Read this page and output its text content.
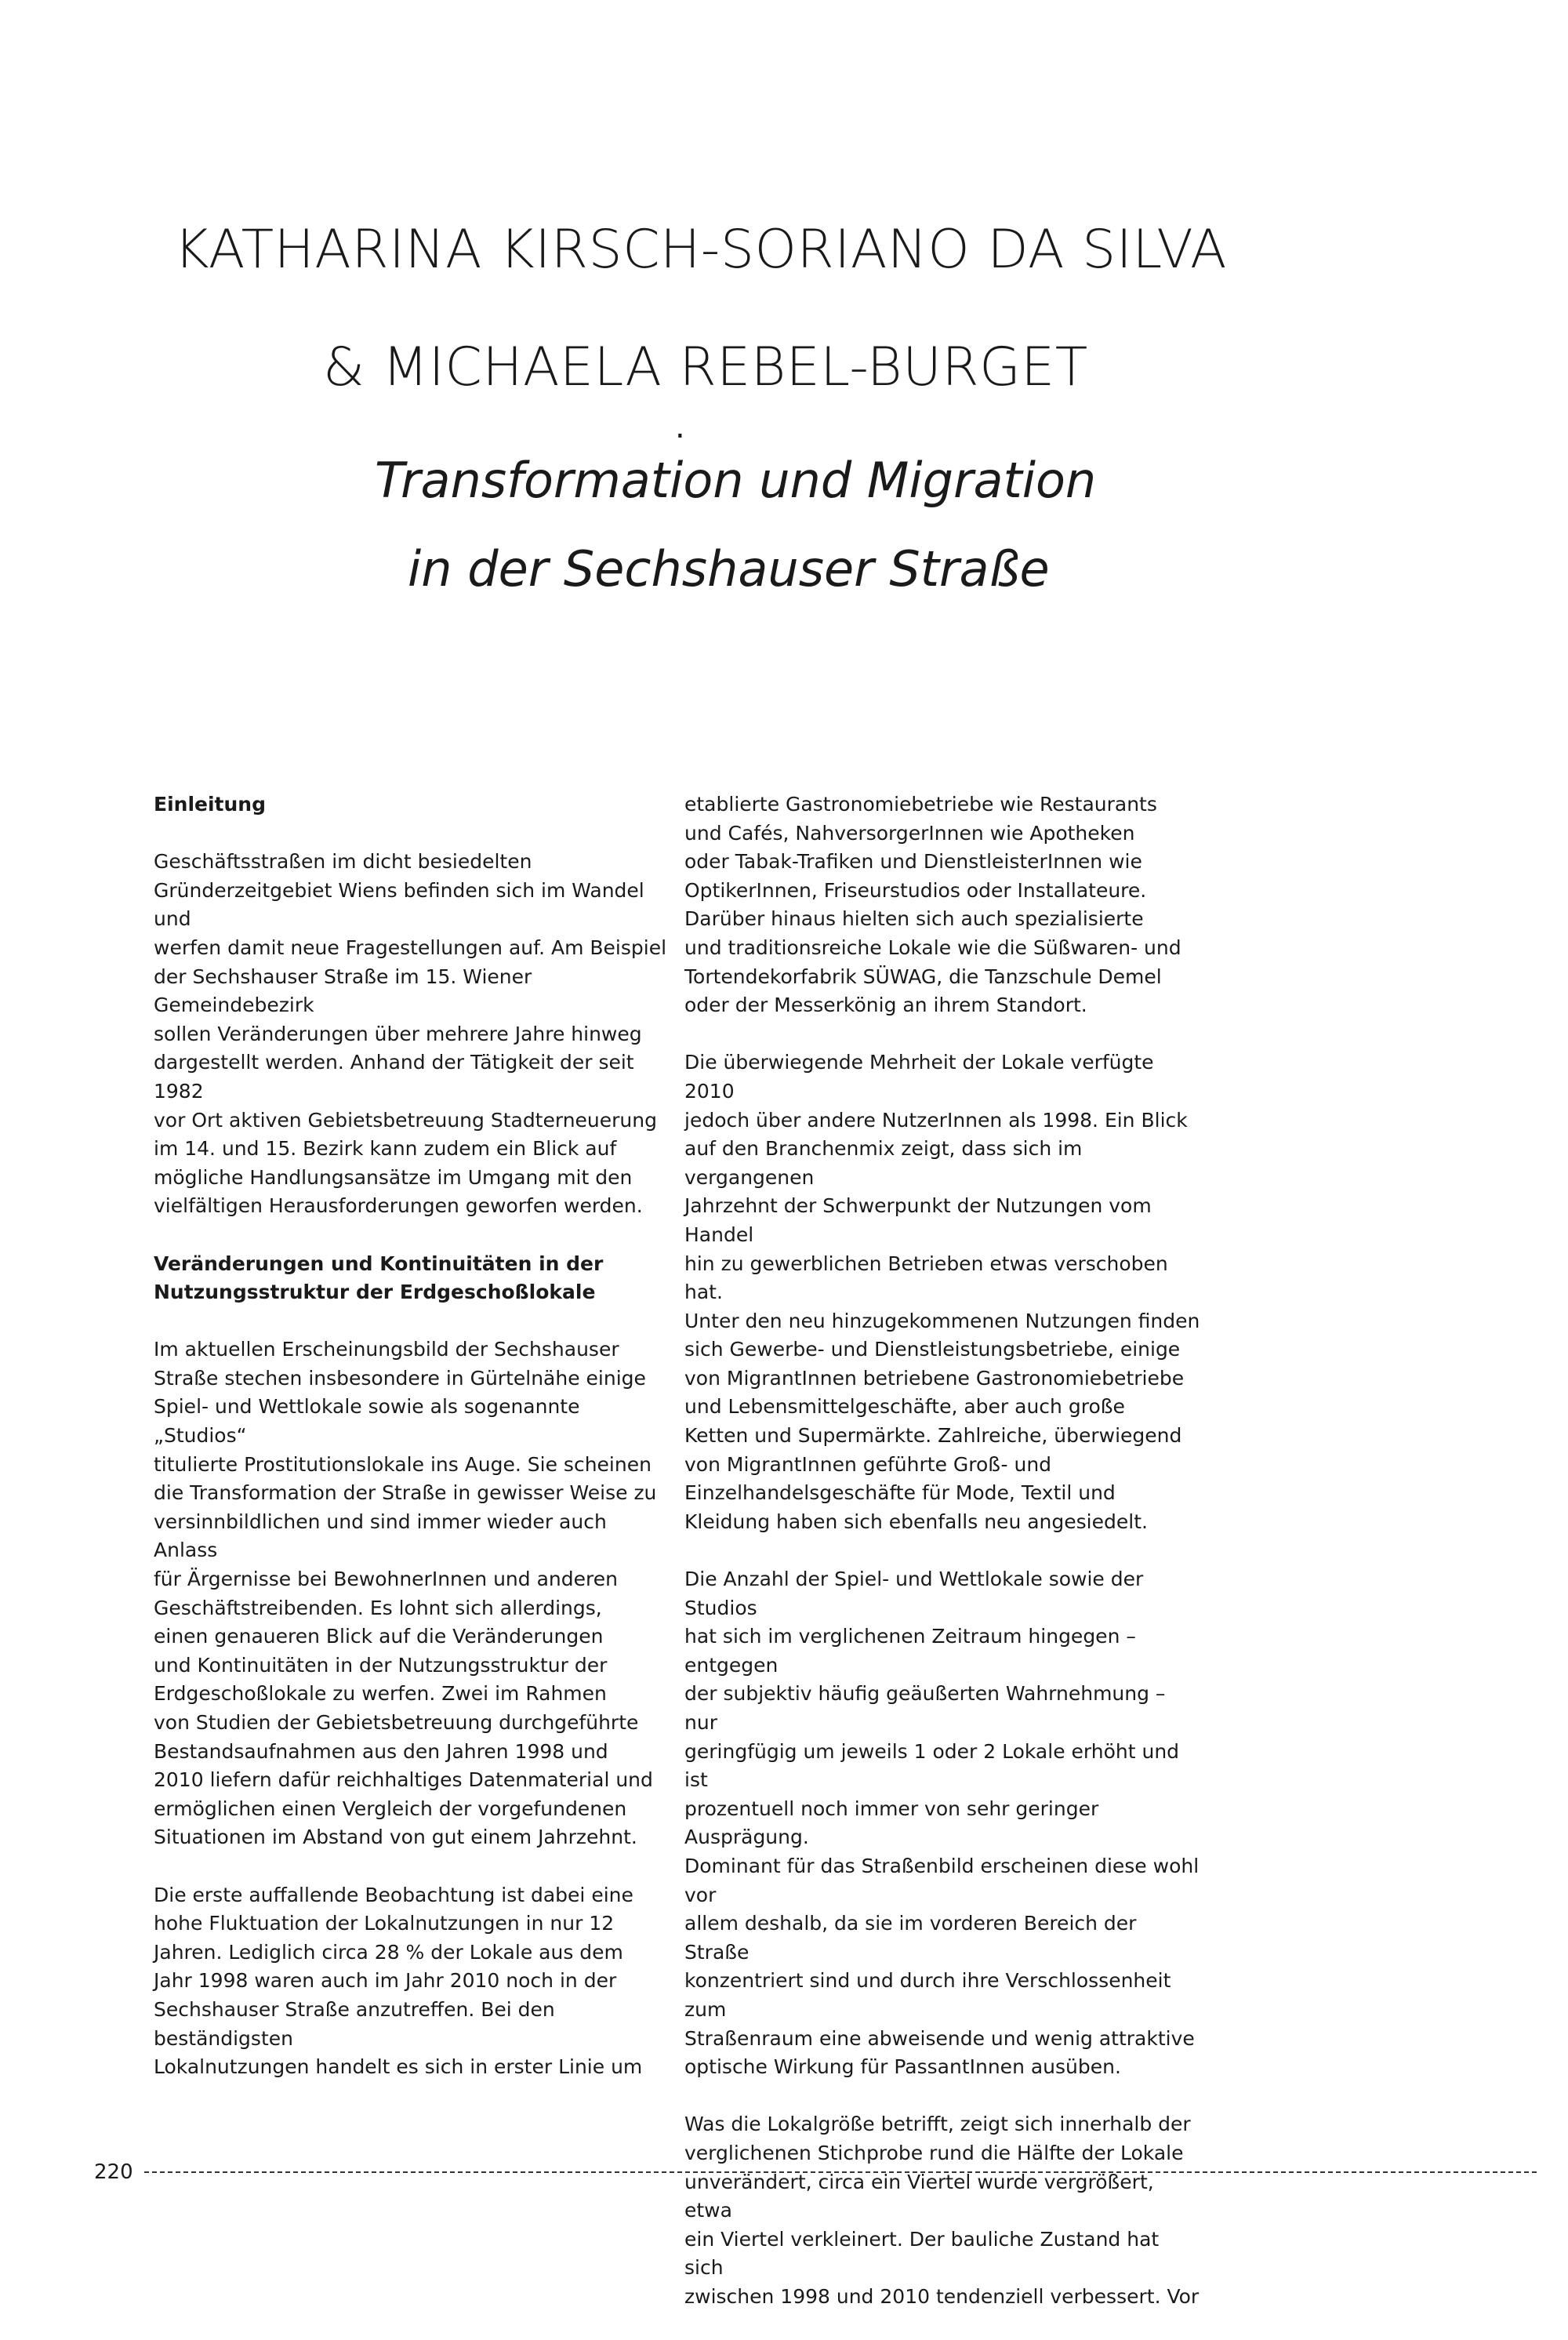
KATHARINA KIRSCH-SORIANO DA SILVA
& MICHAELA REBEL-BURGET
.
Transformation und Migration
in der Sechshauser Straße
Einleitung

Geschäftsstraßen im dicht besiedelten
Gründerzeitgebiet Wiens befinden sich im Wandel und
werfen damit neue Fragestellungen auf. Am Beispiel
der Sechshauser Straße im 15. Wiener Gemeindebezirk
sollen Veränderungen über mehrere Jahre hinweg
dargestellt werden. Anhand der Tätigkeit der seit 1982
vor Ort aktiven Gebietsbetreuung Stadterneuerung
im 14. und 15. Bezirk kann zudem ein Blick auf
mögliche Handlungsansätze im Umgang mit den
vielfältigen Herausforderungen geworfen werden.

Veränderungen und Kontinuitäten in der
Nutzungsstruktur der Erdgeschoßlokale

Im aktuellen Erscheinungsbild der Sechshauser
Straße stechen insbesondere in Gürtelnähe einige
Spiel- und Wettlokale sowie als sogenannte „Studios“
titulierte Prostitutionslokale ins Auge. Sie scheinen
die Transformation der Straße in gewisser Weise zu
versinnbildlichen und sind immer wieder auch Anlass
für Ärgernisse bei BewohnerInnen und anderen
Geschäftstreibenden. Es lohnt sich allerdings,
einen genaueren Blick auf die Veränderungen
und Kontinuitäten in der Nutzungsstruktur der
Erdgeschoßlokale zu werfen. Zwei im Rahmen
von Studien der Gebietsbetreuung durchgeführte
Bestandsaufnahmen aus den Jahren 1998 und
2010 liefern dafür reichhaltiges Datenmaterial und
ermöglichen einen Vergleich der vorgefundenen
Situationen im Abstand von gut einem Jahrzehnt.

Die erste auffallende Beobachtung ist dabei eine
hohe Fluktuation der Lokalnutzungen in nur 12
Jahren. Lediglich circa 28 % der Lokale aus dem
Jahr 1998 waren auch im Jahr 2010 noch in der
Sechshauser Straße anzutreffen. Bei den beständigsten
Lokalnutzungen handelt es sich in erster Linie um

etablierte Gastronomiebetriebe wie Restaurants
und Cafés, NahversorgerInnen wie Apotheken
oder Tabak-Trafiken und DienstleisterInnen wie
OptikerInnen, Friseurstudios oder Installateure.
Darüber hinaus hielten sich auch spezialisierte
und traditionsreiche Lokale wie die Süßwaren- und
Tortendekorfabrik SÜWAG, die Tanzschule Demel
oder der Messerkönig an ihrem Standort.

Die überwiegende Mehrheit der Lokale verfügte 2010
jedoch über andere NutzerInnen als 1998. Ein Blick
auf den Branchenmix zeigt, dass sich im vergangenen
Jahrzehnt der Schwerpunkt der Nutzungen vom Handel
hin zu gewerblichen Betrieben etwas verschoben hat.
Unter den neu hinzugekommenen Nutzungen finden
sich Gewerbe- und Dienstleistungsbetriebe, einige
von MigrantInnen betriebene Gastronomiebetriebe
und Lebensmittelgeschäfte, aber auch große
Ketten und Supermärkte. Zahlreiche, überwiegend
von MigrantInnen geführte Groß- und
Einzelhandelsgeschäfte für Mode, Textil und
Kleidung haben sich ebenfalls neu angesiedelt.

Die Anzahl der Spiel- und Wettlokale sowie der Studios
hat sich im verglichenen Zeitraum hingegen – entgegen
der subjektiv häufig geäußerten Wahrnehmung – nur
geringfügig um jeweils 1 oder 2 Lokale erhöht und ist
prozentuell noch immer von sehr geringer Ausprägung.
Dominant für das Straßenbild erscheinen diese wohl vor
allem deshalb, da sie im vorderen Bereich der Straße
konzentriert sind und durch ihre Verschlossenheit zum
Straßenraum eine abweisende und wenig attraktive
optische Wirkung für PassantInnen ausüben.

Was die Lokalgröße betrifft, zeigt sich innerhalb der
verglichenen Stichprobe rund die Hälfte der Lokale
unverändert, circa ein Viertel wurde vergrößert, etwa
ein Viertel verkleinert. Der bauliche Zustand hat sich
zwischen 1998 und 2010 tendenziell verbessert. Vor

220
